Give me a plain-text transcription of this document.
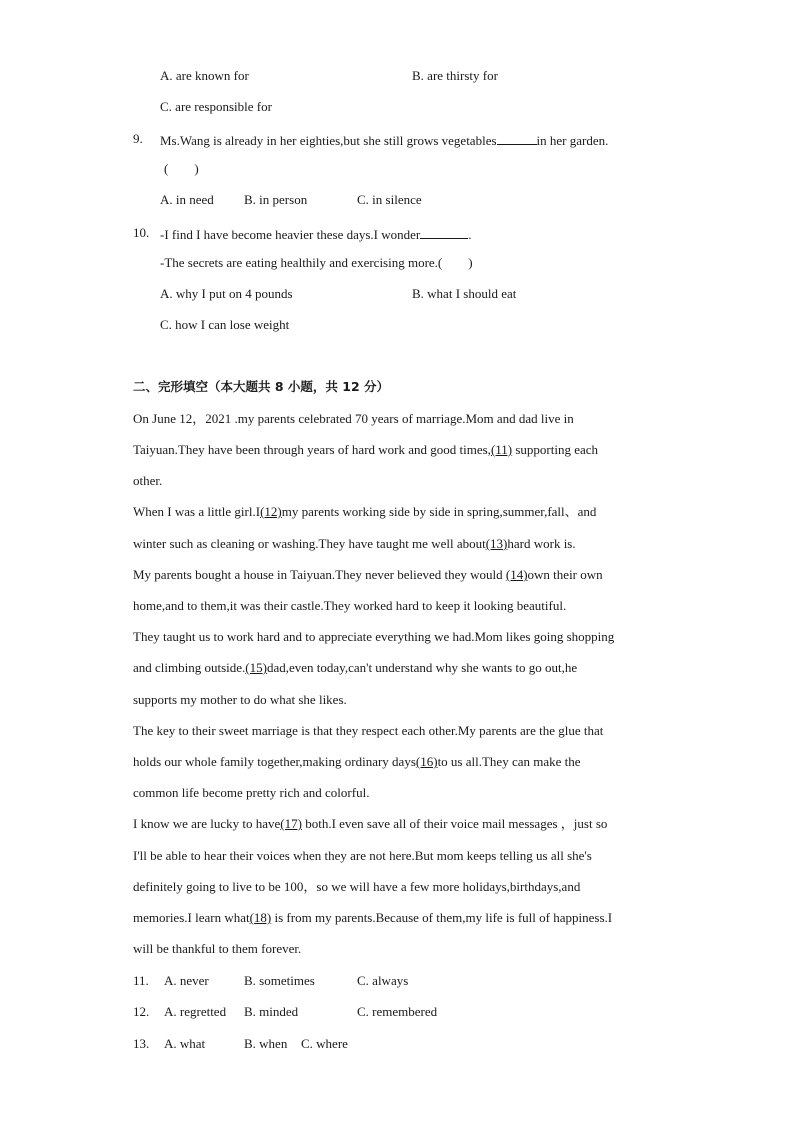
A. are known for	B. are thirsty for
C. are responsible for
9. Ms.Wang is already in her eighties,but she still grows vegetables	in her garden.
(　　)
A. in need B. in person	C. in silence
10. -I find I have become heavier these days.I wonder	.
-The secrets are eating healthily and exercising more.(　　)
A. why I put on 4 pounds	B. what I should eat
C. how I can lose weight
二、完形填空（本大题共 8 小题，共 12 分）
On June 12，2021 .my parents celebrated 70 years of marriage.Mom and dad live in
Taiyuan.They have been through years of hard work and good times,(11) supporting each
other.
When I was a little girl.I(12)my parents working side by side in spring,summer,fall、and
winter such as cleaning or washing.They have taught me well about(13)hard work is.
My parents bought a house in Taiyuan.They never believed they would (14)own their own
home,and to them,it was their castle.They worked hard to keep it looking beautiful.
They taught us to work hard and to appreciate everything we had.Mom likes going shopping
and climbing outside.(15)dad,even today,can't understand why she wants to go out,he
supports my mother to do what she likes.
The key to their sweet marriage is that they respect each other.My parents are the glue that
holds our whole family together,making ordinary days(16)to us all.They can make the
common life become pretty rich and colorful.
I know we are lucky to have(17) both.I even save all of their voice mail messages ，just so
I'll be able to hear their voices when they are not here.But mom keeps telling us all she's
definitely going to live to be 100，so we will have a few more holidays,birthdays,and
memories.I learn what(18) is from my parents.Because of them,my life is full of happiness.I
will be thankful to them forever.
11. A. never	B. sometimes	C. always
12. A. regretted B. minded	C. remembered
13. A. what	B. when C. where
